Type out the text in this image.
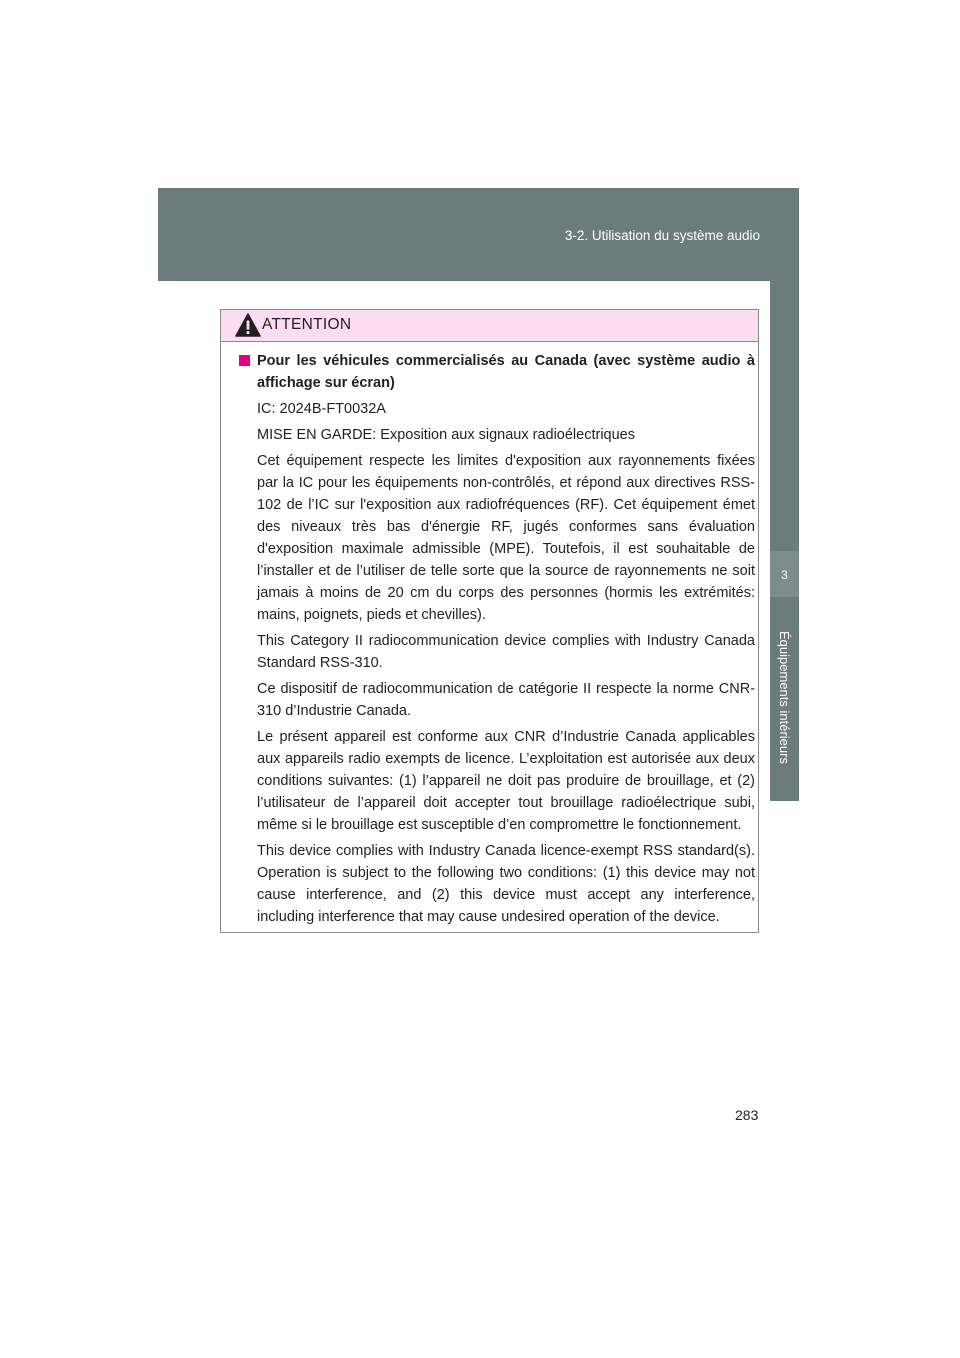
3-2. Utilisation du système audio
3
Équipements intérieurs
ATTENTION

Pour les véhicules commercialisés au Canada (avec système audio à affichage sur écran)

IC: 2024B-FT0032A

MISE EN GARDE: Exposition aux signaux radioélectriques

Cet équipement respecte les limites d'exposition aux rayonnements fixées par la IC pour les équipements non-contrôlés, et répond aux directives RSS-102 de l’IC sur l'exposition aux radiofréquences (RF). Cet équipement émet des niveaux très bas d'énergie RF, jugés conformes sans évaluation d'exposition maximale admissible (MPE). Toutefois, il est souhaitable de l’installer et de l’utiliser de telle sorte que la source de rayonnements ne soit jamais à moins de 20 cm du corps des personnes (hormis les extrémités: mains, poignets, pieds et chevilles).

This Category II radiocommunication device complies with Industry Canada Standard RSS-310.

Ce dispositif de radiocommunication de catégorie II respecte la norme CNR-310 d’Industrie Canada.

Le présent appareil est conforme aux CNR d’Industrie Canada applicables aux appareils radio exempts de licence. L’exploitation est autorisée aux deux conditions suivantes: (1) l’appareil ne doit pas produire de brouillage, et (2) l’utilisateur de l’appareil doit accepter tout brouillage radioélectrique subi, même si le brouillage est susceptible d’en compromettre le fonctionnement.

This device complies with Industry Canada licence-exempt RSS standard(s). Operation is subject to the following two conditions: (1) this device may not cause interference, and (2) this device must accept any interference, including interference that may cause undesired operation of the device.

283
